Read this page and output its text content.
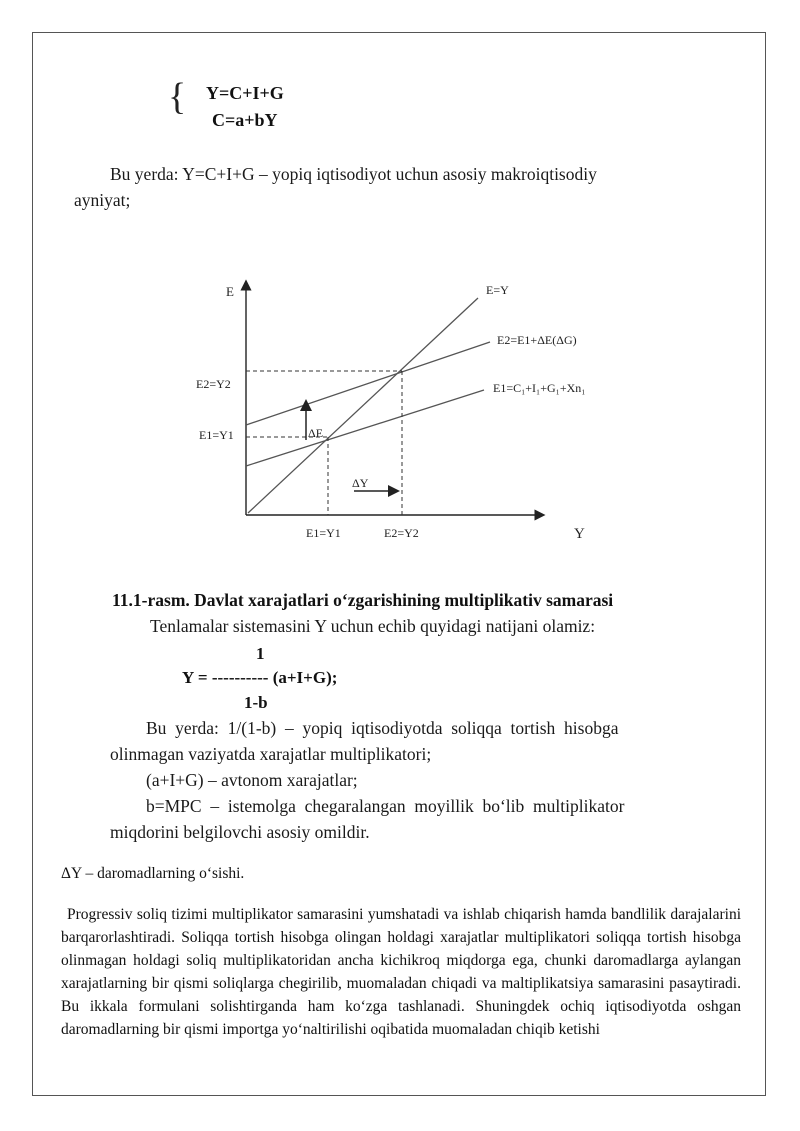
{ Y=C+I+G
C=a+bY
Bu yerda: Y=C+I+G – yopiq iqtisodiyot uchun asosiy makroiqtisodiy
ayniyat;
E
Y
E=Y
E2=E1+ΔE(ΔG)
E1=C₁+I₁+G₁+Xn₁
E2=Y2
E1=Y1
E1=Y1	E2=Y2
ΔE
ΔY
11.1-rasm. Davlat xarajatlari o‘zgarishining multiplikativ samarasi
Tenlamalar sistemasini Y uchun echib quyidagi natijani olamiz:
1
Y = ---------- (a+I+G);
1-b
Bu  yerda:  1/(1-b)  –  yopiq  iqtisodiyotda  soliqqa  tortish  hisobga
olinmagan vaziyatda xarajatlar multiplikatori;
(a+I+G) – avtonom xarajatlar;
b=MPC  –  istemolga  chegaralangan  moyillik  bo‘lib  multiplikator
miqdorini belgilovchi asosiy omildir.
ΔY – daromadlarning o‘sishi.
Progressiv soliq tizimi multiplikator samarasini yumshatadi va ishlab chiqarish hamda bandlilik darajalarini barqarorlashtiradi. Soliqqa tortish hisobga olingan holdagi xarajatlar multiplikatori soliqqa tortish hisobga olinmagan holdagi soliq multiplikatoridan ancha kichikroq miqdorga ega, chunki daromadlarga aylangan xarajatlarning bir qismi soliqlarga chegirilib, muomaladan chiqadi va maltiplikatsiya samarasini pasaytiradi. Bu ikkala formulani solishtirganda ham ko‘zga tashlanadi. Shuningdek ochiq iqtisodiyotda oshgan daromadlarning bir qismi importga yo‘naltirilishi oqibatida muomaladan chiqib ketishi
